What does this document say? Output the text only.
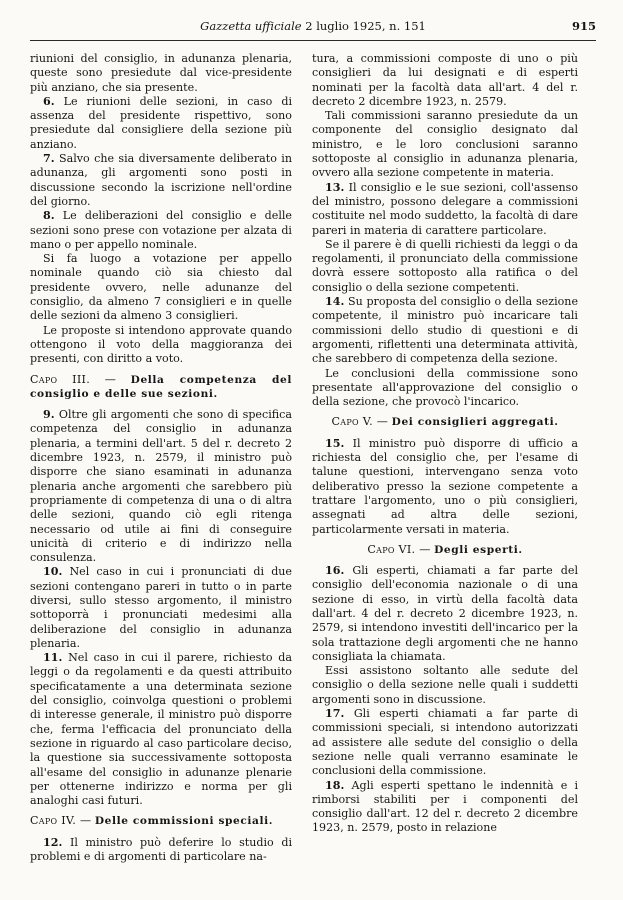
Gazzetta ufficiale 2 luglio 1925, n. 151	915

riunioni del consiglio, in adunanza plenaria, queste sono presiedute dal vice-presidente più anziano, che sia presente.

6. Le riunioni delle sezioni, in caso di assenza del presidente rispettivo, sono presiedute dal consigliere della sezione più anziano.

7. Salvo che sia diversamente deliberato in adunanza, gli argomenti sono posti in discussione secondo la iscrizione nell'ordine del giorno.

8. Le deliberazioni del consiglio e delle sezioni sono prese con votazione per alzata di mano o per appello nominale.

Si fa luogo a votazione per appello nominale quando ciò sia chiesto dal presidente ovvero, nelle adunanze del consiglio, da almeno 7 consiglieri e in quelle delle sezioni da almeno 3 consiglieri.

Le proposte si intendono approvate quando ottengono il voto della maggioranza dei presenti, con diritto a voto.

Capo III. — Della competenza del consiglio e delle sue sezioni.

9. Oltre gli argomenti che sono di specifica competenza del consiglio in adunanza plenaria, a termini dell'art. 5 del r. decreto 2 dicembre 1923, n. 2579, il ministro può disporre che siano esaminati in adunanza plenaria anche argomenti che sarebbero più propriamente di competenza di una o di altra delle sezioni, quando ciò egli ritenga necessario od utile ai fini di conseguire unicità di criterio e di indirizzo nella consulenza.

10. Nel caso in cui i pronunciati di due sezioni contengano pareri in tutto o in parte diversi, sullo stesso argomento, il ministro sottoporrà i pronunciati medesimi alla deliberazione del consiglio in adunanza plenaria.

11. Nel caso in cui il parere, richiesto da leggi o da regolamenti e da questi attribuito specificatamente a una determinata sezione del consiglio, coinvolga questioni o problemi di interesse generale, il ministro può disporre che, ferma l'efficacia del pronunciato della sezione in riguardo al caso particolare deciso, la questione sia successivamente sottoposta all'esame del consiglio in adunanze plenarie per ottenerne indirizzo e norma per gli analoghi casi futuri.

Capo IV. — Delle commissioni speciali.

12. Il ministro può deferire lo studio di problemi e di argomenti di particolare na-

tura, a commissioni composte di uno o più consiglieri da lui designati e di esperti nominati per la facoltà data all'art. 4 del r. decreto 2 dicembre 1923, n. 2579.

Tali commissioni saranno presiedute da un componente del consiglio designato dal ministro, e le loro conclusioni saranno sottoposte al consiglio in adunanza plenaria, ovvero alla sezione competente in materia.

13. Il consiglio e le sue sezioni, coll'assenso del ministro, possono delegare a commissioni costituite nel modo suddetto, la facoltà di dare pareri in materia di carattere particolare.

Se il parere è di quelli richiesti da leggi o da regolamenti, il pronunciato della commissione dovrà essere sottoposto alla ratifica o del consiglio o della sezione competenti.

14. Su proposta del consiglio o della sezione competente, il ministro può incaricare tali commissioni dello studio di questioni e di argomenti, riflettenti una determinata attività, che sarebbero di competenza della sezione.

Le conclusioni della commissione sono presentate all'approvazione del consiglio o della sezione, che provocò l'incarico.

Capo V. — Dei consiglieri aggregati.

15. Il ministro può disporre di ufficio a richiesta del consiglio che, per l'esame di talune questioni, intervengano senza voto deliberativo presso la sezione competente a trattare l'argomento, uno o più consiglieri, assegnati ad altra delle sezioni, particolarmente versati in materia.

Capo VI. — Degli esperti.

16. Gli esperti, chiamati a far parte del consiglio dell'economia nazionale o di una sezione di esso, in virtù della facoltà data dall'art. 4 del r. decreto 2 dicembre 1923, n. 2579, si intendono investiti dell'incarico per la sola trattazione degli argomenti che ne hanno consigliata la chiamata.

Essi assistono soltanto alle sedute del consiglio o della sezione nelle quali i suddetti argomenti sono in discussione.

17. Gli esperti chiamati a far parte di commissioni speciali, si intendono autorizzati ad assistere alle sedute del consiglio o della sezione nelle quali verranno esaminate le conclusioni della commissione.

18. Agli esperti spettano le indennità e i rimborsi stabiliti per i componenti del consiglio dall'art. 12 del r. decreto 2 dicembre 1923, n. 2579, posto in relazione
